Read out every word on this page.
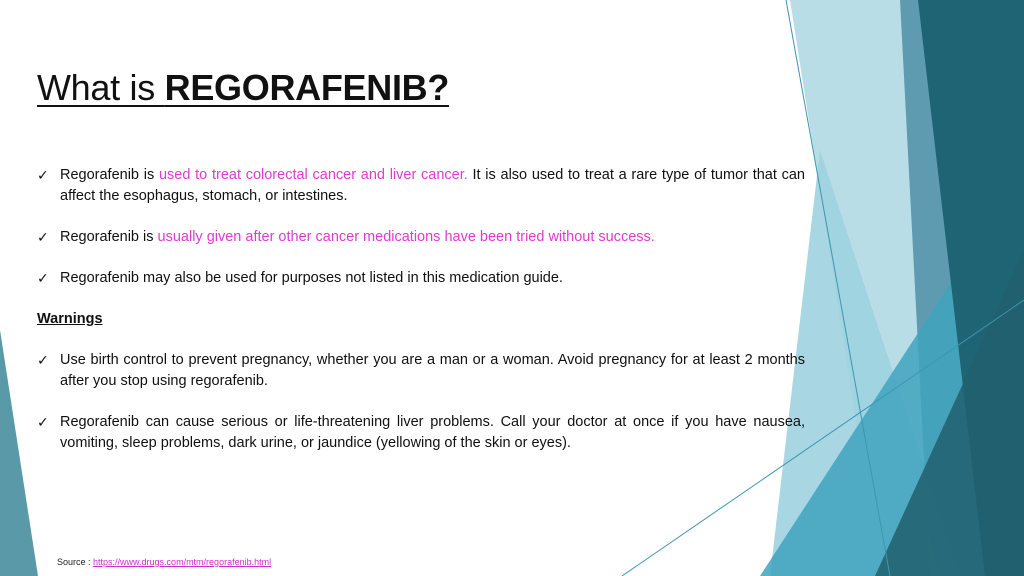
What is REGORAFENIB?

✓ Regorafenib is used to treat colorectal cancer and liver cancer. It is also used to treat a rare type of tumor that can affect the esophagus, stomach, or intestines.

✓ Regorafenib is usually given after other cancer medications have been tried without success.

✓ Regorafenib may also be used for purposes not listed in this medication guide.

Warnings

✓ Use birth control to prevent pregnancy, whether you are a man or a woman. Avoid pregnancy for at least 2 months after you stop using regorafenib.

✓ Regorafenib can cause serious or life-threatening liver problems. Call your doctor at once if you have nausea, vomiting, sleep problems, dark urine, or jaundice (yellowing of the skin or eyes).

Source : https://www.drugs.com/mtm/regorafenib.html
